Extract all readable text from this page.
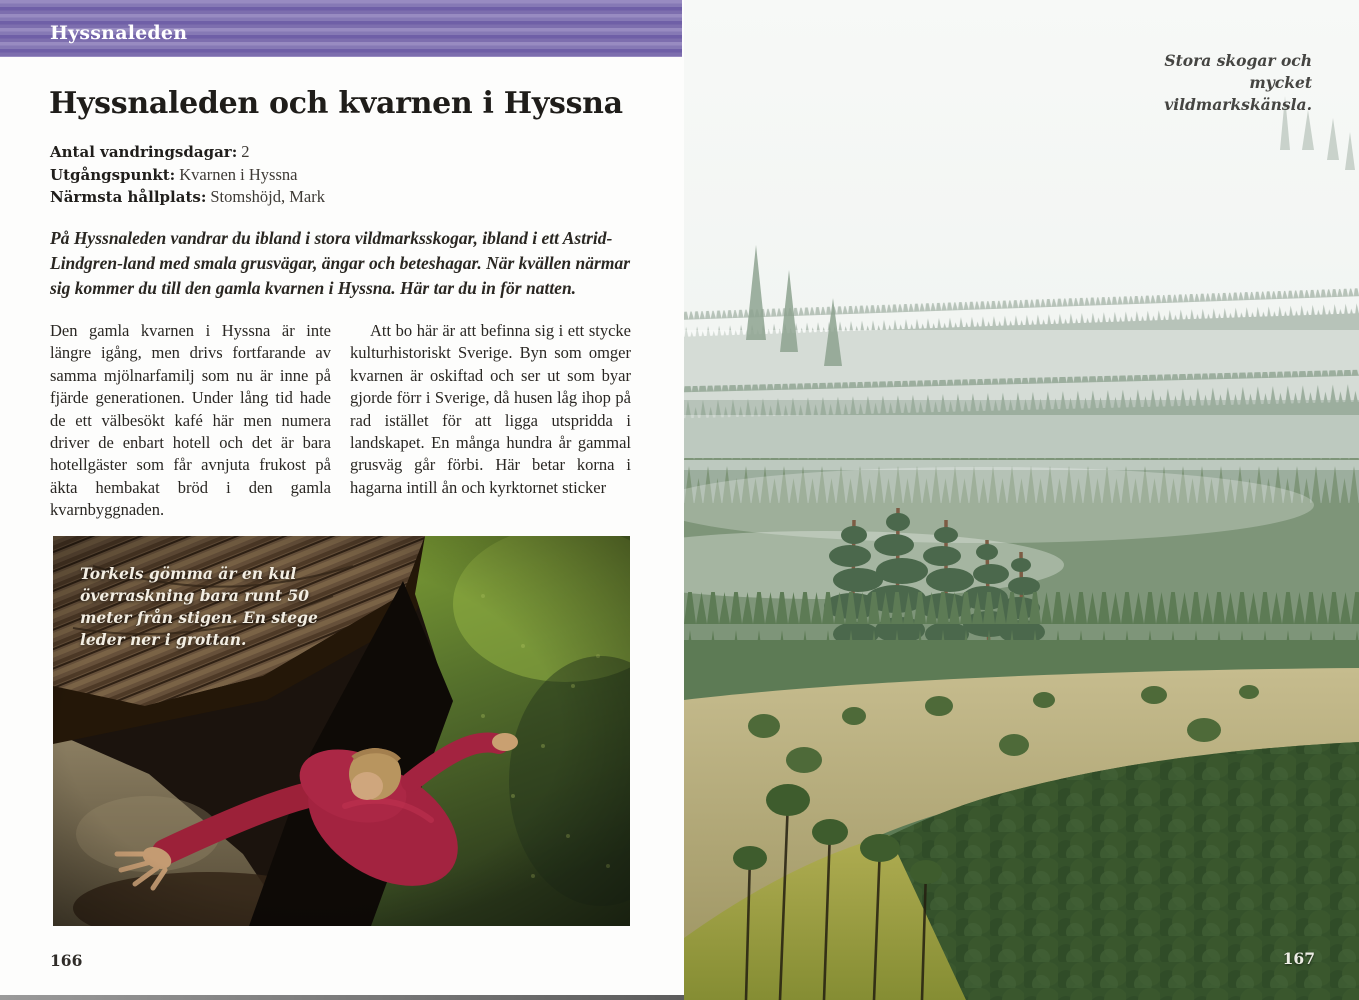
Hyssnaleden
Hyssnaleden och kvarnen i Hyssna
Antal vandringsdagar: 2
Utgångspunkt: Kvarnen i Hyssna
Närmsta hållplats: Stomshöjd, Mark

På Hyssnaleden vandrar du ibland i stora vildmarksskogar, ibland i ett Astrid-Lindgren-land med smala grusvägar, ängar och beteshagar. När kvällen närmar sig kommer du till den gamla kvarnen i Hyssna. Här tar du in för natten.

Den gamla kvarnen i Hyssna är inte längre igång, men drivs fortfarande av samma mjölnarfamilj som nu är inne på fjärde generationen. Under lång tid hade de ett välbesökt kafé här men numera driver de enbart hotell och det är bara hotellgäster som får avnjuta frukost på äkta hembakat bröd i den gamla kvarnbyggnaden.

Att bo här är att befinna sig i ett stycke kulturhistoriskt Sverige. Byn som omger kvarnen är oskiftad och ser ut som byar gjorde förr i Sverige, då husen låg ihop på rad istället för att ligga utspridda i landskapet. En många hundra år gammal grusväg går förbi. Här betar korna i hagarna intill ån och kyrktornet sticker

Torkels gömma är en kul överraskning bara runt 50 meter från stigen. En stege leder ner i grottan.
166
Stora skogar och mycket vildmarkskänsla.
167
